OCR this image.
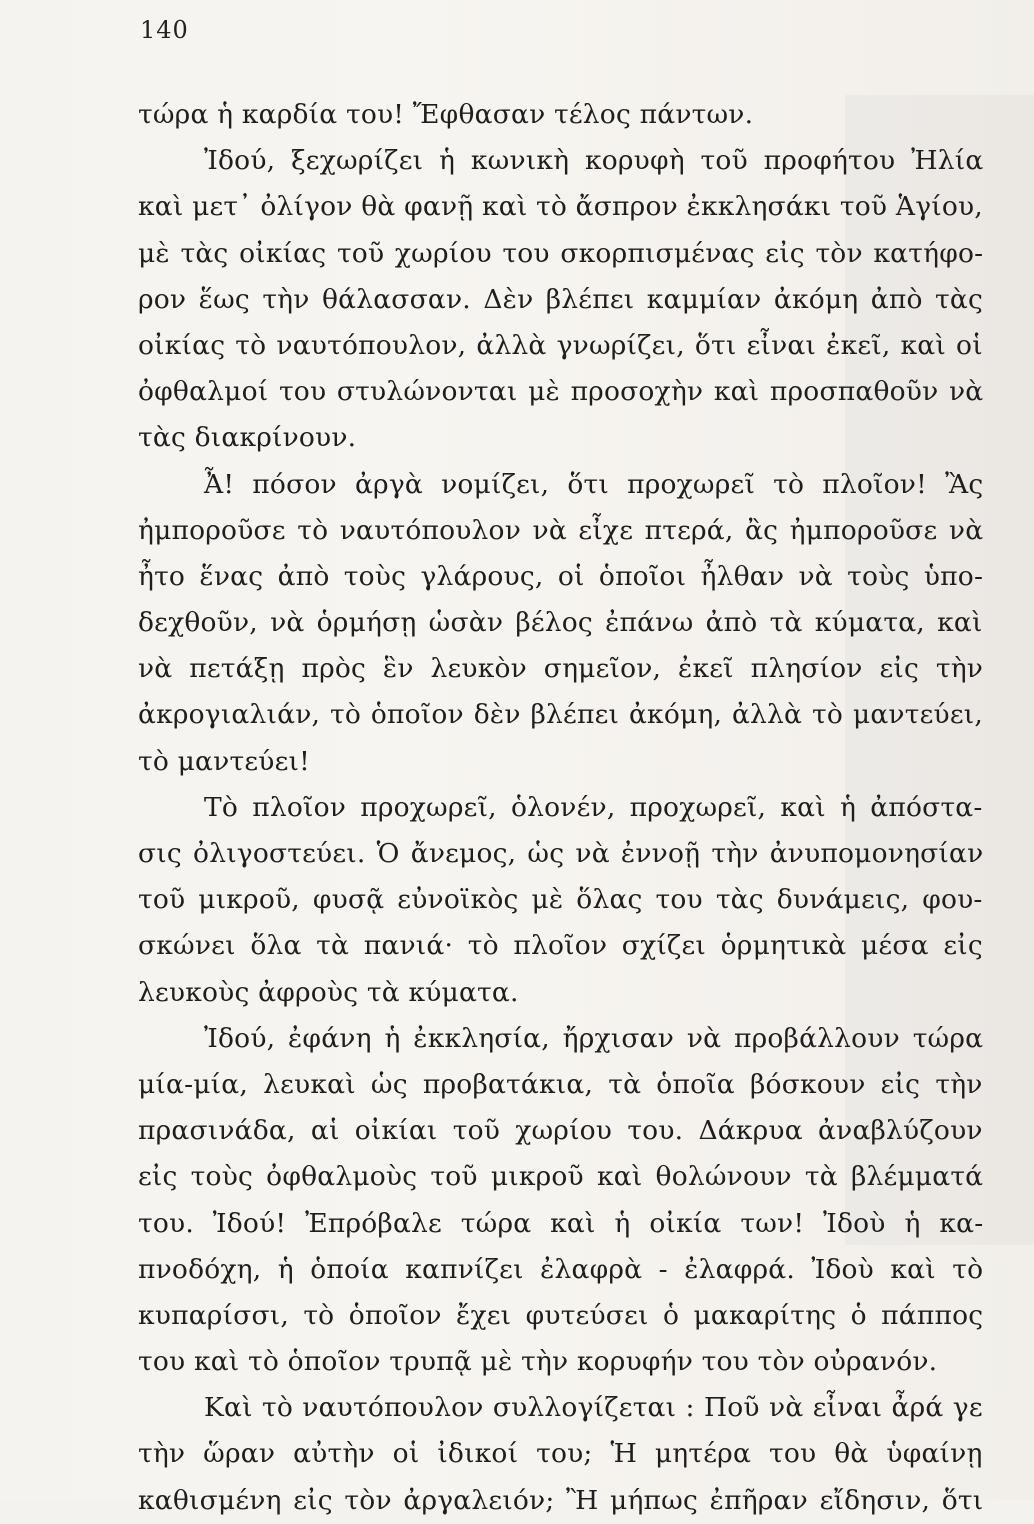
140
τώρα ἡ καρδία του! Ἔφθασαν τέλος πάντων.
Ἰδού, ξεχωρίζει ἡ κωνικὴ κορυφὴ τοῦ προφήτου Ἠλία
καὶ μετ᾽ ὀλίγον θὰ φανῇ καὶ τὸ ἄσπρον ἐκκλησάκι τοῦ Ἁγίου,
μὲ τὰς οἰκίας τοῦ χωρίου του σκορπισμένας εἰς τὸν κατήφο-
ρον ἕως τὴν θάλασσαν. Δὲν βλέπει καμμίαν ἀκόμη ἀπὸ τὰς
οἰκίας τὸ ναυτόπουλον, ἀλλὰ γνωρίζει, ὅτι εἶναι ἐκεῖ, καὶ οἱ
ὀφθαλμοί του στυλώνονται μὲ προσοχὴν καὶ προσπαθοῦν νὰ
τὰς διακρίνουν.
Ἆ! πόσον ἀργὰ νομίζει, ὅτι προχωρεῖ τὸ πλοῖον! Ἂς
ἠμποροῦσε τὸ ναυτόπουλον νὰ εἶχε πτερά, ἂς ἠμποροῦσε νὰ
ἦτο ἕνας ἀπὸ τοὺς γλάρους, οἱ ὁποῖοι ἦλθαν νὰ τοὺς ὑπο-
δεχθοῦν, νὰ ὁρμήσῃ ὡσὰν βέλος ἐπάνω ἀπὸ τὰ κύματα, καὶ
νὰ πετάξῃ πρὸς ἓν λευκὸν σημεῖον, ἐκεῖ πλησίον εἰς τὴν
ἀκρογιαλιάν, τὸ ὁποῖον δὲν βλέπει ἀκόμη, ἀλλὰ τὸ μαντεύει,
τὸ μαντεύει!
Τὸ πλοῖον προχωρεῖ, ὁλονέν, προχωρεῖ, καὶ ἡ ἀπόστα-
σις ὀλιγοστεύει. Ὁ ἄνεμος, ὡς νὰ ἐννοῇ τὴν ἀνυπομονησίαν
τοῦ μικροῦ, φυσᾷ εὐνοϊκὸς μὲ ὅλας του τὰς δυνάμεις, φου-
σκώνει ὅλα τὰ πανιά· τὸ πλοῖον σχίζει ὁρμητικὰ μέσα εἰς
λευκοὺς ἀφροὺς τὰ κύματα.
Ἰδού, ἐφάνη ἡ ἐκκλησία, ἤρχισαν νὰ προβάλλουν τώρα
μία-μία, λευκαὶ ὡς προβατάκια, τὰ ὁποῖα βόσκουν εἰς τὴν
πρασινάδα, αἱ οἰκίαι τοῦ χωρίου του. Δάκρυα ἀναβλύζουν
εἰς τοὺς ὀφθαλμοὺς τοῦ μικροῦ καὶ θολώνουν τὰ βλέμματά
του. Ἰδού! Ἐπρόβαλε τώρα καὶ ἡ οἰκία των! Ἰδοὺ ἡ κα-
πνοδόχη, ἡ ὁποία καπνίζει ἐλαφρὰ - ἐλαφρά. Ἰδοὺ καὶ τὸ
κυπαρίσσι, τὸ ὁποῖον ἔχει φυτεύσει ὁ μακαρίτης ὁ πάππος
του καὶ τὸ ὁποῖον τρυπᾷ μὲ τὴν κορυφήν του τὸν οὐρανόν.
Καὶ τὸ ναυτόπουλον συλλογίζεται : Ποῦ νὰ εἶναι ἆρά γε
τὴν ὥραν αὐτὴν οἱ ἰδικοί του; Ἡ μητέρα του θὰ ὑφαίνῃ
καθισμένη εἰς τὸν ἀργαλειόν; Ἢ μήπως ἐπῆραν εἴδησιν, ὅτι
